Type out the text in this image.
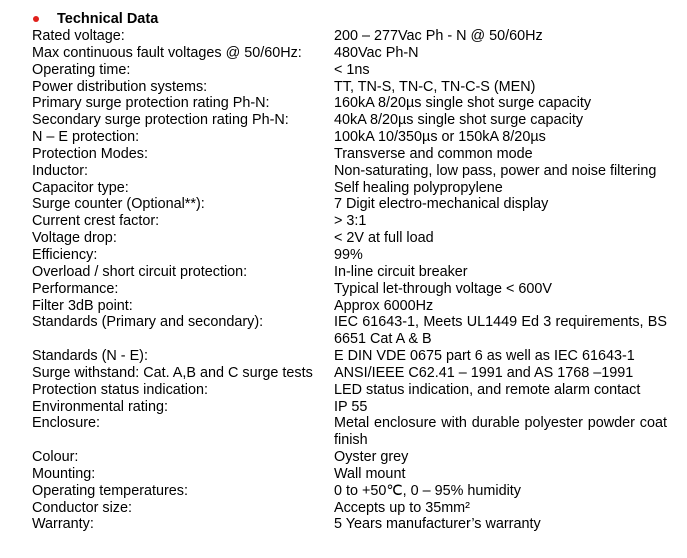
Technical Data
Rated voltage:	200 – 277Vac Ph - N @ 50/60Hz
Max continuous fault voltages @ 50/60Hz:	480Vac Ph-N
Operating time:	< 1ns
Power distribution systems:	TT, TN-S, TN-C, TN-C-S (MEN)
Primary surge protection rating Ph-N:	160kA 8/20µs single shot surge capacity
Secondary surge protection rating Ph-N:	40kA 8/20µs single shot surge capacity
N – E protection:	100kA 10/350µs or 150kA 8/20µs
Protection Modes:	Transverse and common mode
Inductor:	Non-saturating, low pass, power and noise filtering
Capacitor type:	Self healing polypropylene
Surge counter (Optional**):	7 Digit electro-mechanical display
Current crest factor:	> 3:1
Voltage drop:	< 2V at full load
Efficiency:	99%
Overload / short circuit protection:	In-line circuit breaker
Performance:	Typical let-through voltage < 600V
Filter 3dB point:	Approx 6000Hz
Standards (Primary and secondary):	IEC 61643-1, Meets UL1449 Ed 3 requirements, BS 6651 Cat A & B
Standards (N - E):	E DIN VDE 0675 part 6 as well as IEC 61643-1
Surge withstand: Cat. A,B and C surge tests	ANSI/IEEE C62.41 – 1991 and AS 1768 –1991
Protection status indication:	LED status indication, and remote alarm contact
Environmental rating:	IP 55
Enclosure:	Metal enclosure with durable polyester powder coat finish
Colour:	Oyster grey
Mounting:	Wall mount
Operating temperatures:	0 to +50℃, 0 – 95% humidity
Conductor size:	Accepts up to 35mm²
Warranty:	5 Years manufacturer’s warranty
